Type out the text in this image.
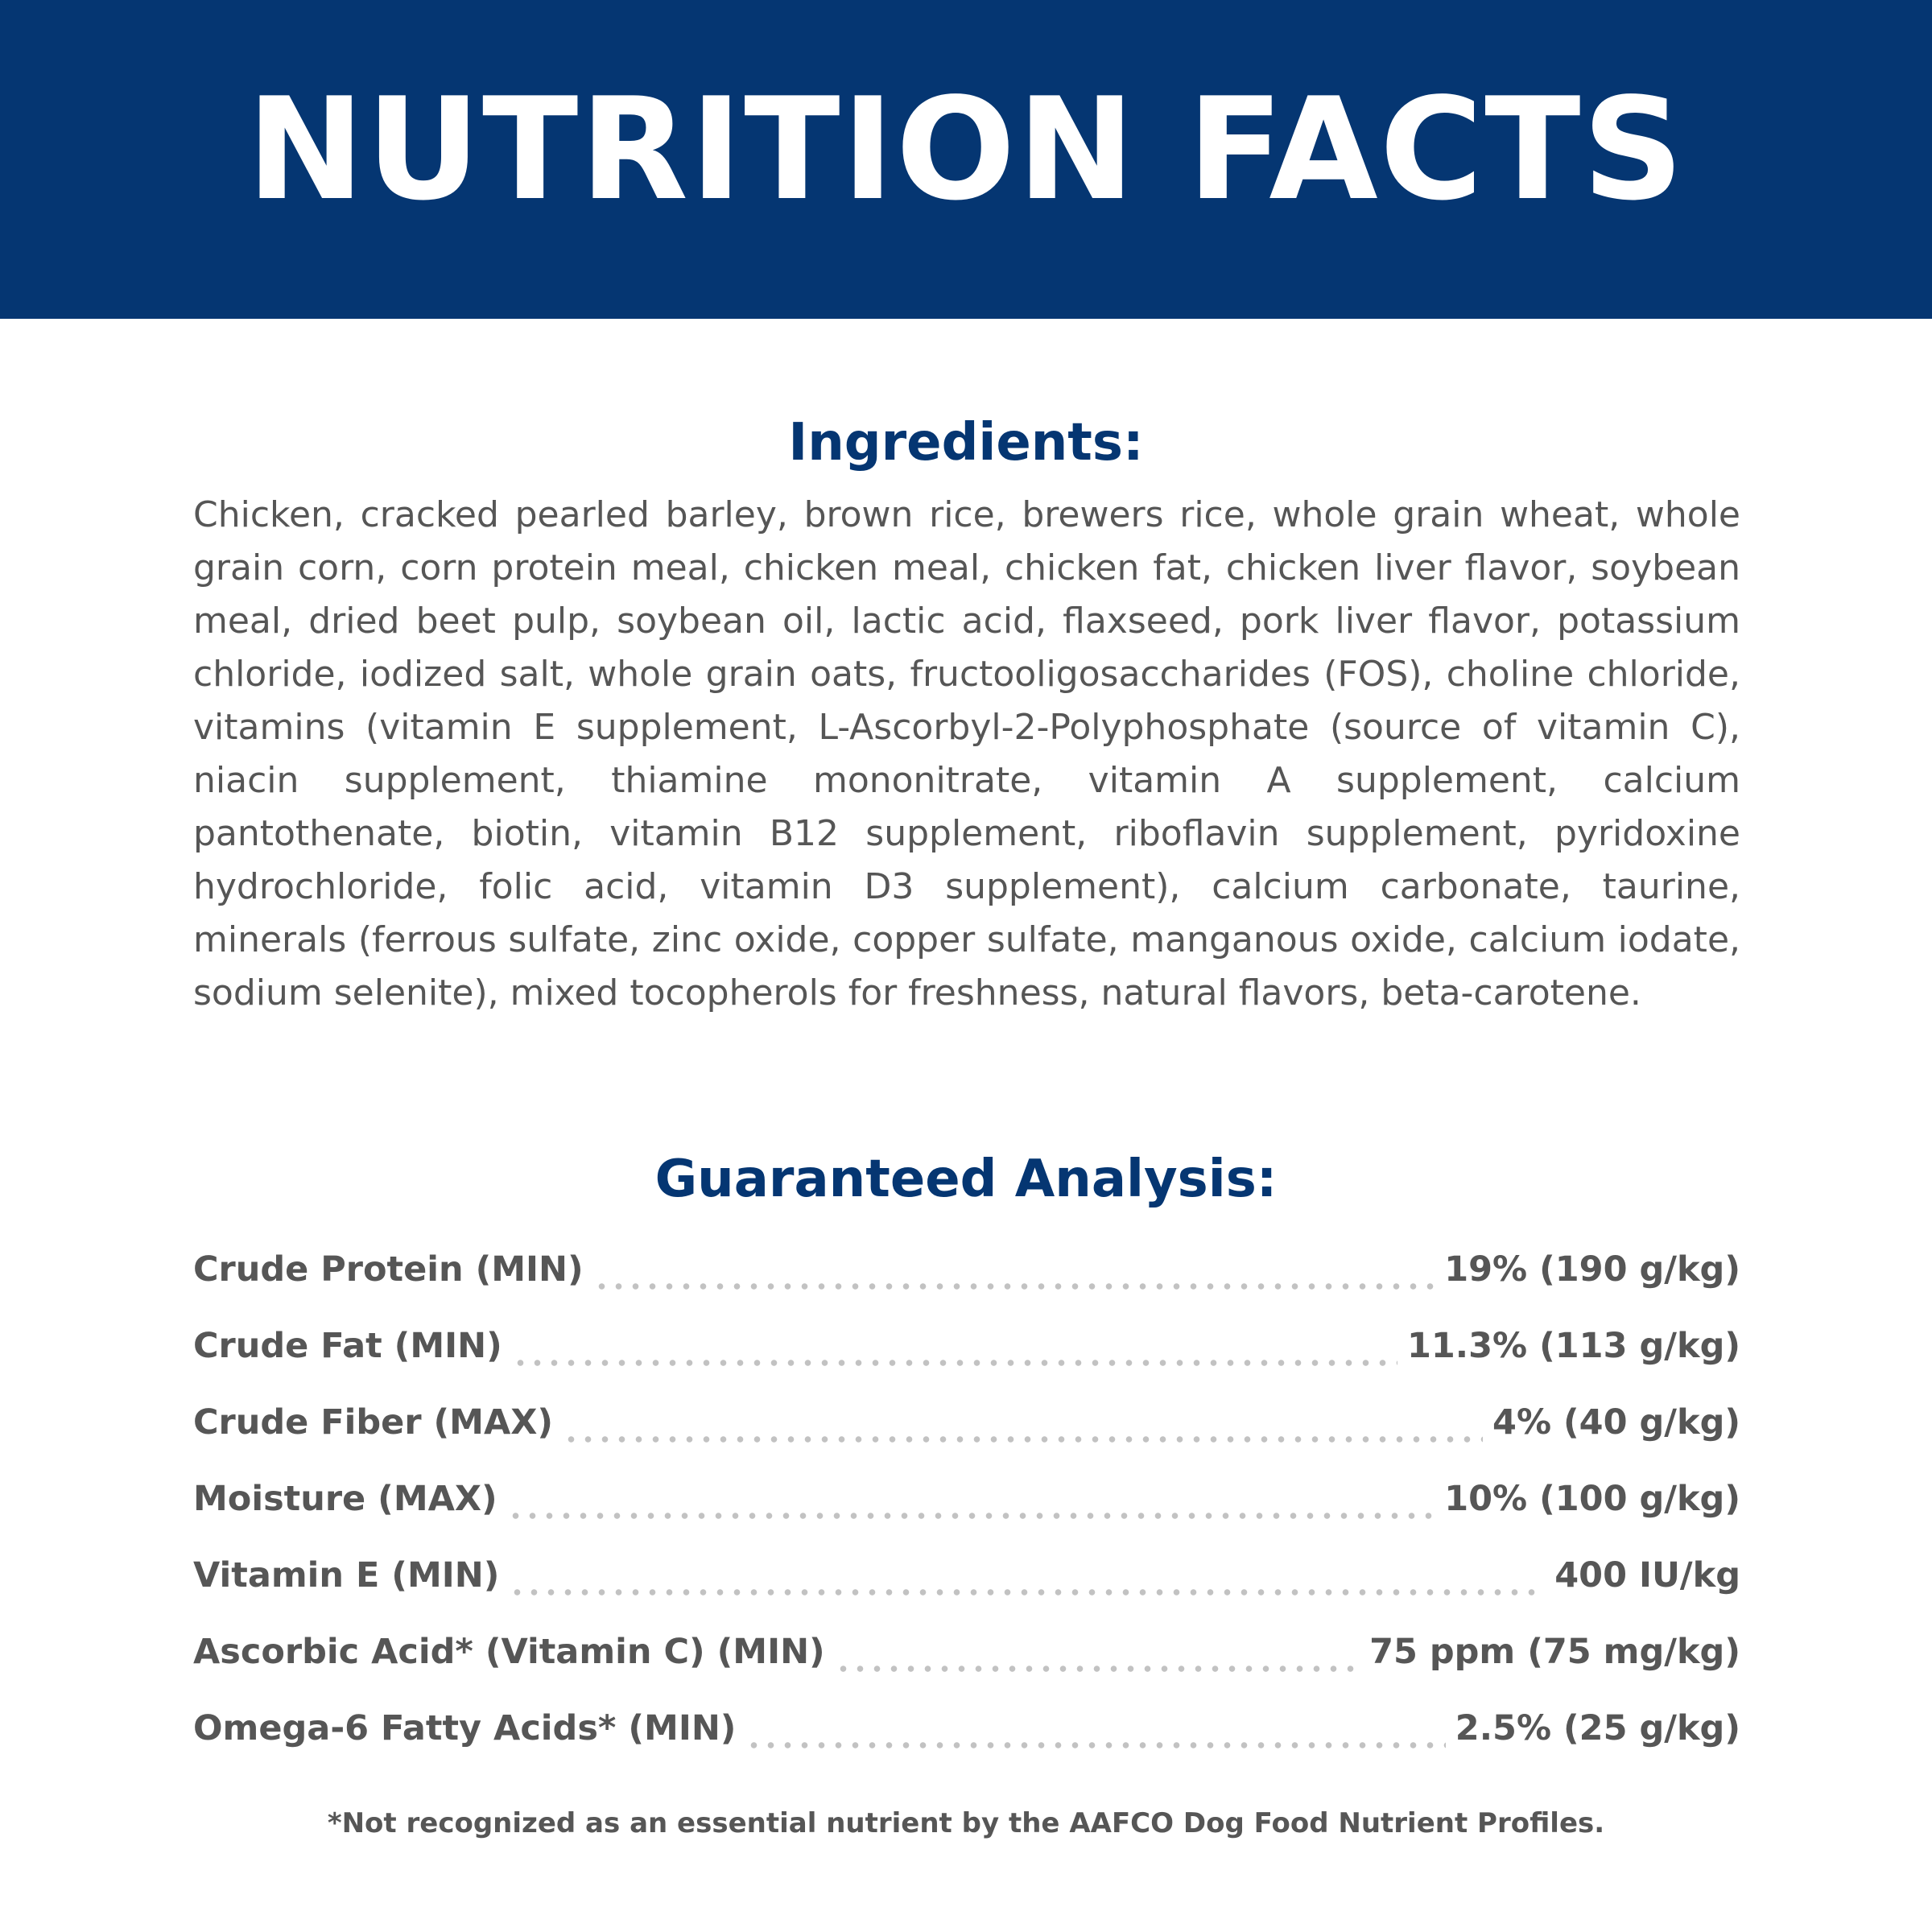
NUTRITION FACTS
Ingredients:

Chicken, cracked pearled barley, brown rice, brewers rice, whole grain wheat, whole grain corn, corn protein meal, chicken meal, chicken fat, chicken liver flavor, soybean meal, dried beet pulp, soybean oil, lactic acid, flaxseed, pork liver flavor, potassium chloride, iodized salt, whole grain oats, fructooligosaccharides (FOS), choline chloride, vitamins (vitamin E supplement, L-Ascorbyl-2-Polyphosphate (source of vitamin C), niacin supplement, thiamine mononitrate, vitamin A supplement, calcium pantothenate, biotin, vitamin B12 supplement, riboflavin supplement, pyridoxine hydrochloride, folic acid, vitamin D3 supplement), calcium carbonate, taurine, minerals (ferrous sulfate, zinc oxide, copper sulfate, manganous oxide, calcium iodate, sodium selenite), mixed tocopherols for freshness, natural flavors, beta-carotene.

Guaranteed Analysis:
Crude Protein (MIN)	19% (190 g/kg)
Crude Fat (MIN)	11.3% (113 g/kg)
Crude Fiber (MAX)	4% (40 g/kg)
Moisture (MAX)	10% (100 g/kg)
Vitamin E (MIN)	400 IU/kg
Ascorbic Acid* (Vitamin C) (MIN)	75 ppm (75 mg/kg)
Omega-6 Fatty Acids* (MIN)	2.5% (25 g/kg)

*Not recognized as an essential nutrient by the AAFCO Dog Food Nutrient Profiles.
